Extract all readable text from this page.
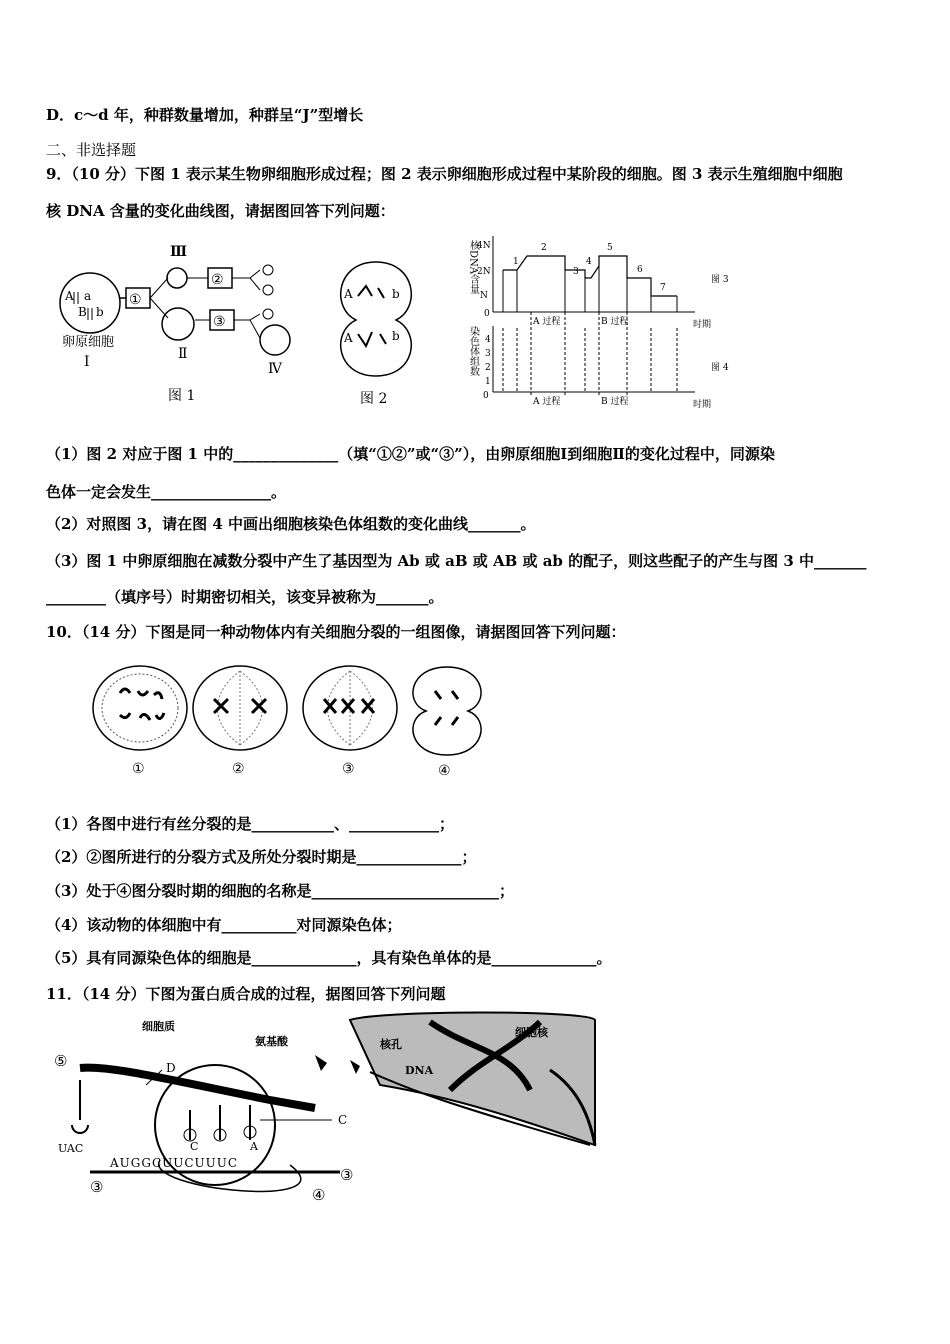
D．c～d 年，种群数量增加，种群呈“J”型增长
二、非选择题
9．（10 分）下图 1 表示某生物卵细胞形成过程；图 2 表示卵细胞形成过程中某阶段的细胞。图 3 表示生殖细胞中细胞
核 DNA 含量的变化曲线图，请据图回答下列问题：
Ⅲ
A a
B b
①
②
③
卵原细胞
Ⅰ	Ⅱ
Ⅳ
图 1
A	b
A	b
图 2
核DNA含量
4N
2N
N
0
1
2
3
4
5
6
7
A 过程	B 过程	时期
图 3
染色体组数 4
3
2
1
0
A 过程	B 过程	时期
图 4
（1）图 2 对应于图 1 中的______________（填“①②”或“③”），由卵原细胞Ⅰ到细胞Ⅱ的变化过程中，同源染
色体一定会发生________________。
（2）对照图 3，请在图 4 中画出细胞核染色体组数的变化曲线_______。
（3）图 1 中卵原细胞在减数分裂中产生了基因型为 Ab 或 aB 或 AB 或 ab 的配子，则这些配子的产生与图 3 中_______
________（填序号）时期密切相关，该变异被称为_______。
10．（14 分）下图是同一种动物体内有关细胞分裂的一组图像，请据图回答下列问题：
①	②	③	④
（1）各图中进行有丝分裂的是___________、____________；
（2）②图所进行的分裂方式及所处分裂时期是______________；
（3）处于④图分裂时期的细胞的名称是_________________________；
（4）该动物的体细胞中有__________对同源染色体；
（5）具有同源染色体的细胞是______________，具有染色单体的是______________。
11．（14 分）下图为蛋白质合成的过程，据图回答下列问题
细胞质
氨基酸
细胞核
核孔
DNA
⑤	D
C
UAC	C	A
AUGGCUUCUUUC
③
③	④
